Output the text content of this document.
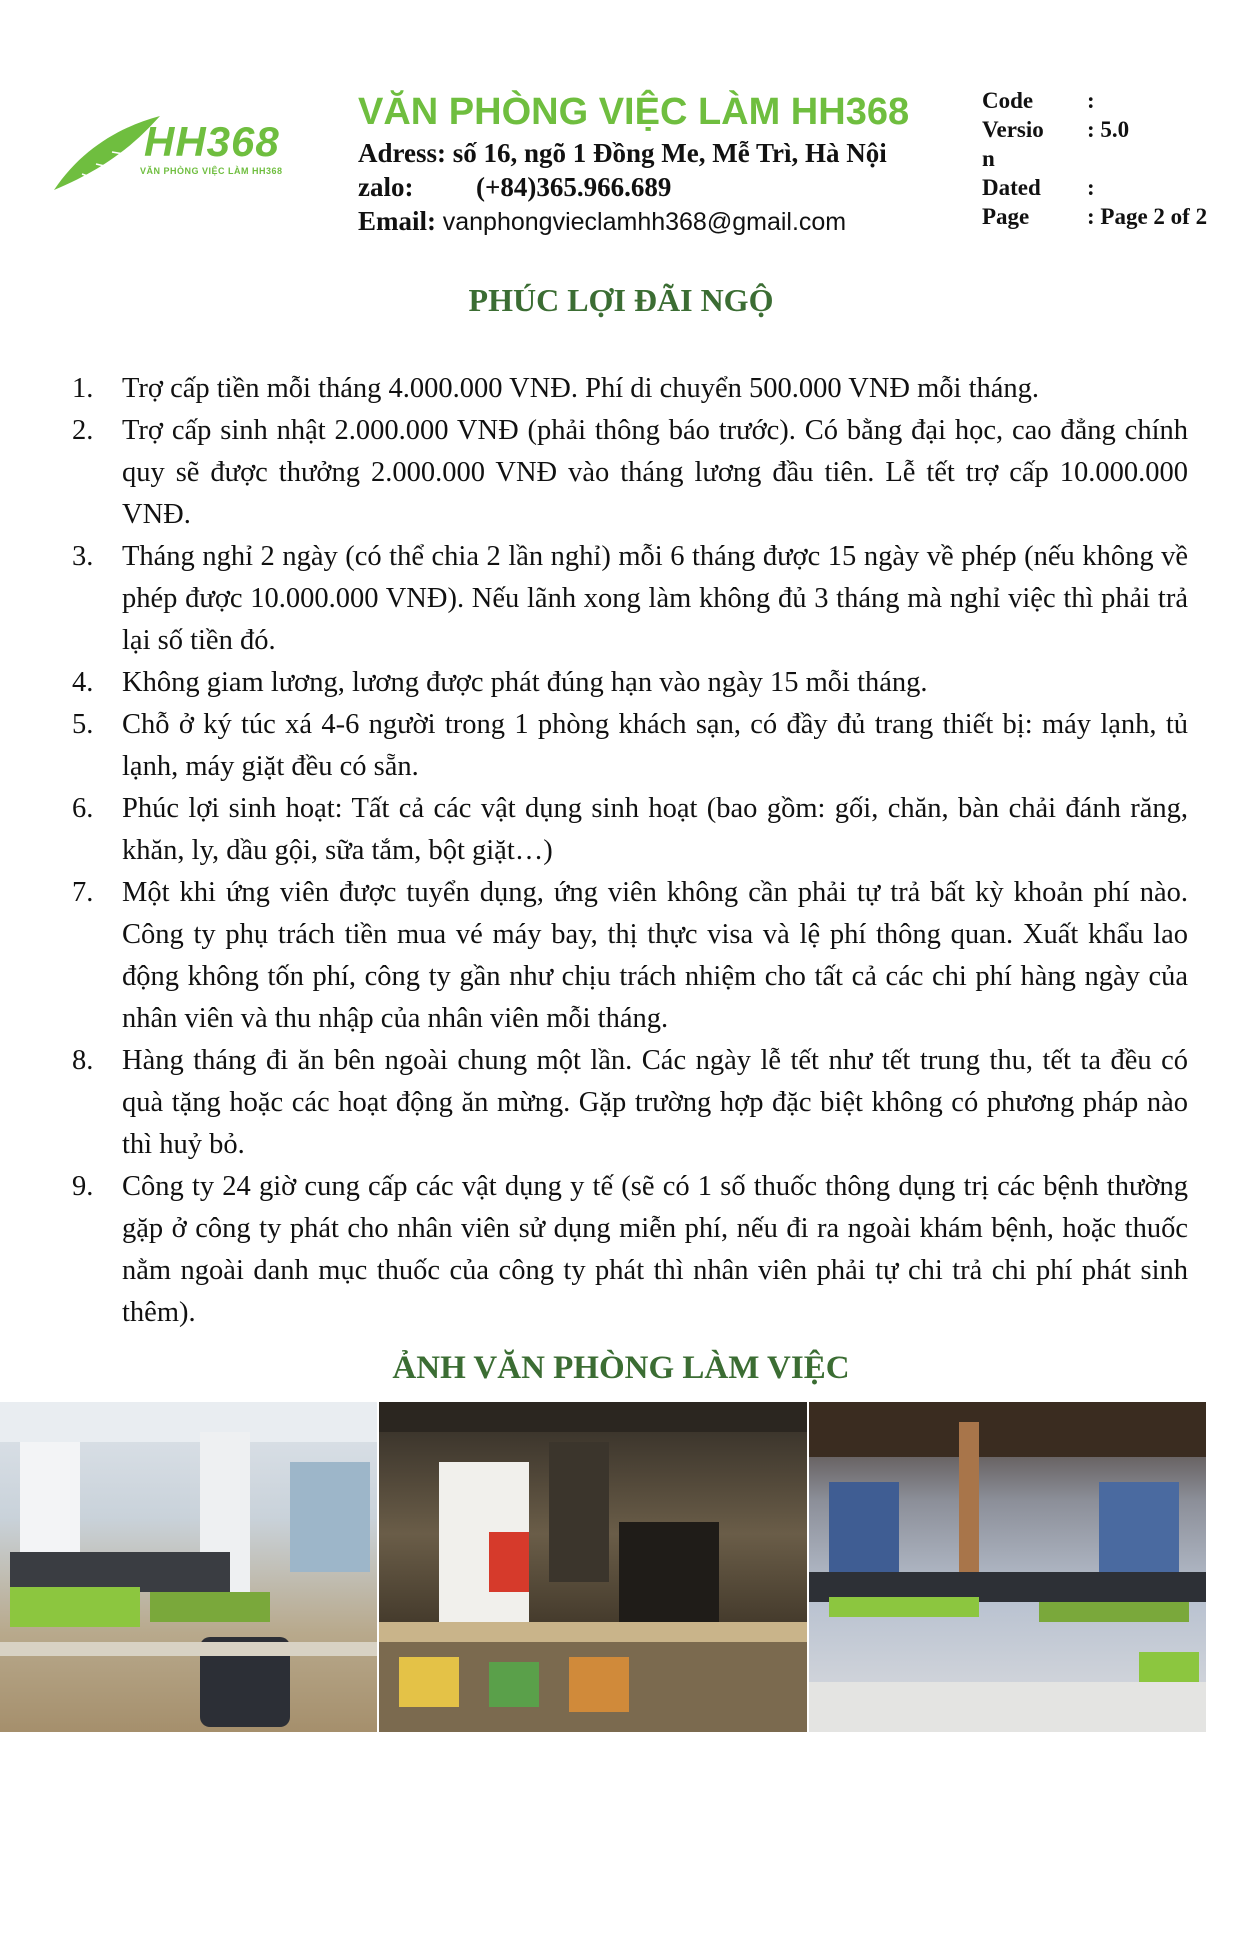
HH368
VĂN PHÒNG VIỆC LÀM HH368
VĂN PHÒNG VIỆC LÀM HH368
Adress: số 16, ngõ 1 Đồng Me, Mễ Trì, Hà Nội
zalo: (+84)365.966.689
Email: vanphongvieclamhh368@gmail.com
Code	:
Versio	: 5.0
n
Dated	:
Page	: Page 2 of 2
PHÚC LỢI ĐÃI NGỘ
1.	Trợ cấp tiền mỗi tháng 4.000.000 VNĐ. Phí di chuyển 500.000 VNĐ mỗi tháng.
2.	Trợ cấp sinh nhật 2.000.000 VNĐ (phải thông báo trước). Có bằng đại học, cao đẳng chính quy sẽ được thưởng 2.000.000 VNĐ vào tháng lương đầu tiên. Lễ tết trợ cấp 10.000.000 VNĐ.
3.	Tháng nghỉ 2 ngày (có thể chia 2 lần nghỉ) mỗi 6 tháng được 15 ngày về phép (nếu không về phép được 10.000.000 VNĐ). Nếu lãnh xong làm không đủ 3 tháng mà nghỉ việc thì phải trả lại số tiền đó.
4.	Không giam lương, lương được phát đúng hạn vào ngày 15 mỗi tháng.
5.	Chỗ ở ký túc xá 4-6 người trong 1 phòng khách sạn, có đầy đủ trang thiết bị: máy lạnh, tủ lạnh, máy giặt đều có sẵn.
6.	Phúc lợi sinh hoạt: Tất cả các vật dụng sinh hoạt (bao gồm: gối, chăn, bàn chải đánh răng, khăn, ly, dầu gội, sữa tắm, bột giặt…)
7.	Một khi ứng viên được tuyển dụng, ứng viên không cần phải tự trả bất kỳ khoản phí nào. Công ty phụ trách tiền mua vé máy bay, thị thực visa và lệ phí thông quan. Xuất khẩu lao động không tốn phí, công ty gần như chịu trách nhiệm cho tất cả các chi phí hàng ngày của nhân viên và thu nhập của nhân viên mỗi tháng.
8.	Hàng tháng đi ăn bên ngoài chung một lần. Các ngày lễ tết như tết trung thu, tết ta đều có quà tặng hoặc các hoạt động ăn mừng. Gặp trường hợp đặc biệt không có phương pháp nào thì huỷ bỏ.
9.	Công ty 24 giờ cung cấp các vật dụng y tế (sẽ có 1 số thuốc thông dụng trị các bệnh thường gặp ở công ty phát cho nhân viên sử dụng miễn phí, nếu đi ra ngoài khám bệnh, hoặc thuốc nằm ngoài danh mục thuốc của công ty phát thì nhân viên phải tự chi trả chi phí phát sinh thêm).
ẢNH VĂN PHÒNG LÀM VIỆC
